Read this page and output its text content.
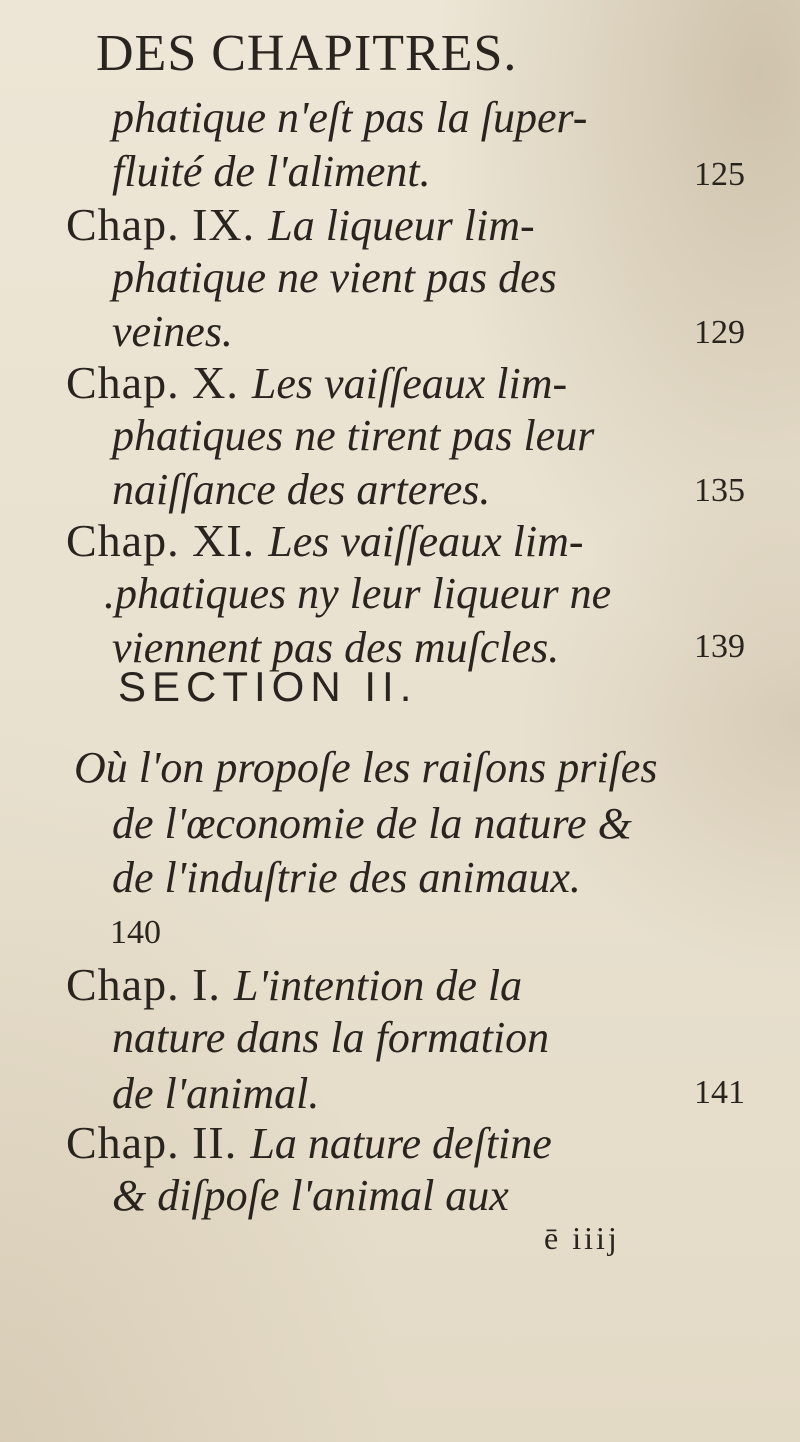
DES CHAPITRES.
phatique n'eſt pas la ſuper-
fluité de l'aliment.	125
Chap. IX. La liqueur lim-
phatique ne vient pas des
veines.	129
Chap. X. Les vaiſſeaux lim-
phatiques ne tirent pas leur
naiſſance des arteres.	135
Chap. XI. Les vaiſſeaux lim-
.phatiques ny leur liqueur ne
viennent pas des muſcles.	139
SECTION II.
Où l'on propoſe les raiſons priſes
de l'œconomie de la nature &
de l'induſtrie des animaux.
140
Chap. I. L'intention de la
nature dans la formation
de l'animal.	141
Chap. II. La nature deſtine
& diſpoſe l'animal aux
ē iiij
